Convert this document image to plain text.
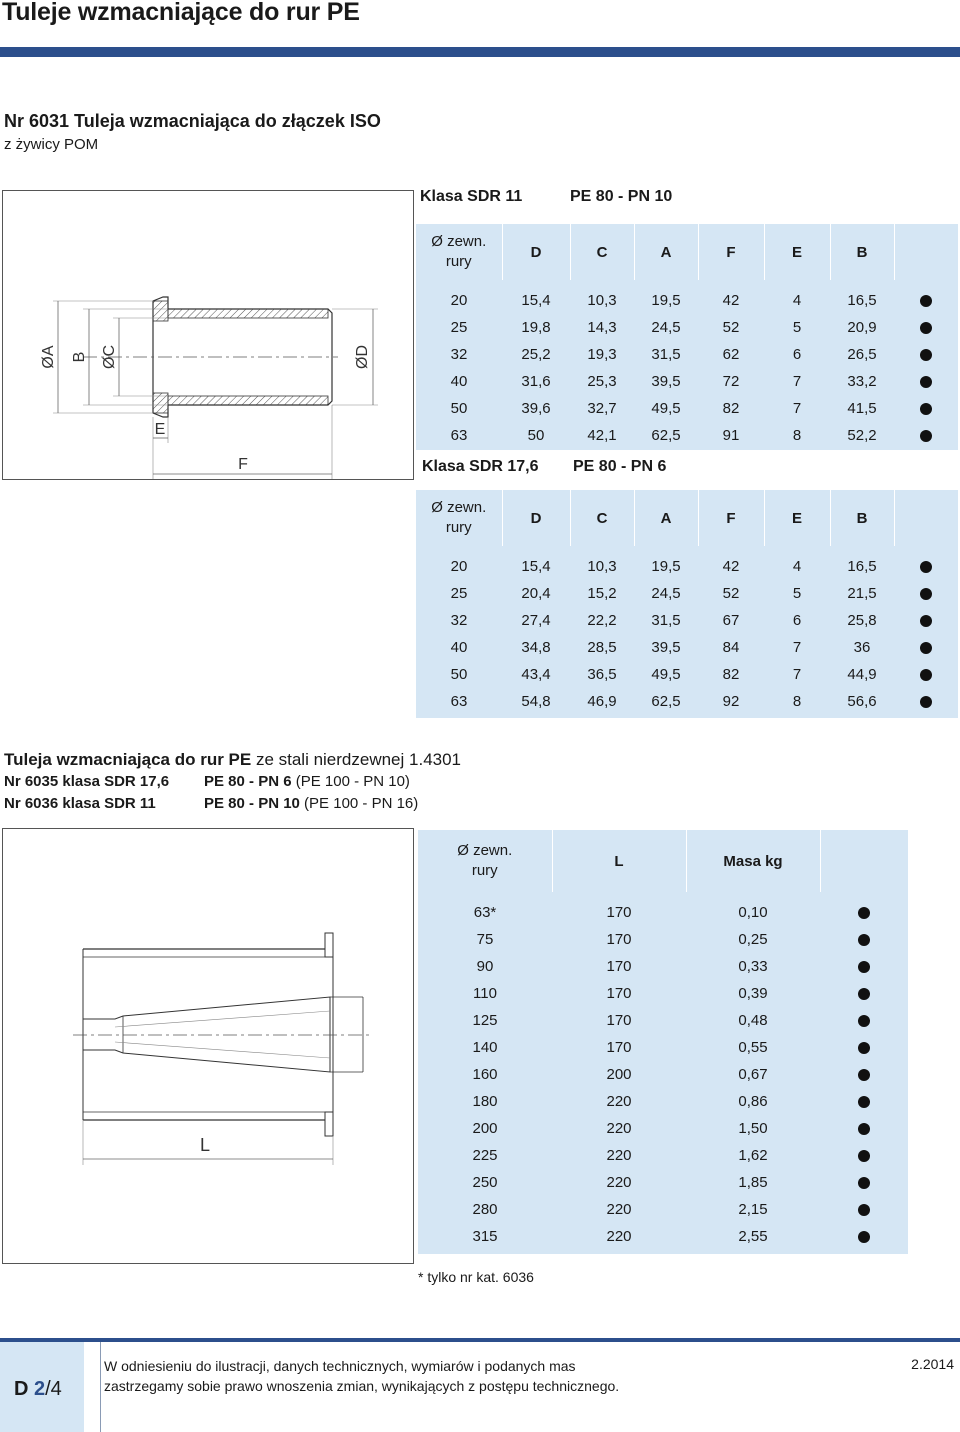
Tuleje wzmacniające do rur PE
Nr 6031 Tuleja wzmacniająca do złączek ISO
z żywicy POM
ØA B ØC	ØD
E
F
Klasa SDR 11	PE 80 - PN 10
Ø zewn.
rury	D	C	A	F	E	B	

20	15,4	10,3	19,5	42	4	16,5	
25	19,8	14,3	24,5	52	5	20,9	
32	25,2	19,3	31,5	62	6	26,5	
40	31,6	25,3	39,5	72	7	33,2	
50	39,6	32,7	49,5	82	7	41,5	
63	50	42,1	62,5	91	8	52,2	
Klasa SDR 17,6 PE 80 - PN 6
Ø zewn.
rury	D	C	A	F	E	B	

20	15,4	10,3	19,5	42	4	16,5	
25	20,4	15,2	24,5	52	5	21,5	
32	27,4	22,2	31,5	67	6	25,8	
40	34,8	28,5	39,5	84	7	36	
50	43,4	36,5	49,5	82	7	44,9	
63	54,8	46,9	62,5	92	8	56,6	
Tuleja wzmacniająca do rur PE ze stali nierdzewnej 1.4301
Nr 6035 klasa SDR 17,6 PE 80 - PN 6 (PE 100 - PN 10)
Nr 6036 klasa SDR 11	PE 80 - PN 10 (PE 100 - PN 16)
L
Ø zewn.
rury	L	Masa kg	

63*	170	0,10	
75	170	0,25	
90	170	0,33	
110	170	0,39	
125	170	0,48	
140	170	0,55	
160	200	0,67	
180	220	0,86	
200	220	1,50	
225	220	1,62	
250	220	1,85	
280	220	2,15	
315	220	2,55	
* tylko nr kat. 6036
D 2/4
W odniesieniu do ilustracji, danych technicznych, wymiarów i podanych mas
zastrzegamy sobie prawo wnoszenia zmian, wynikających z postępu technicznego.
2.2014
